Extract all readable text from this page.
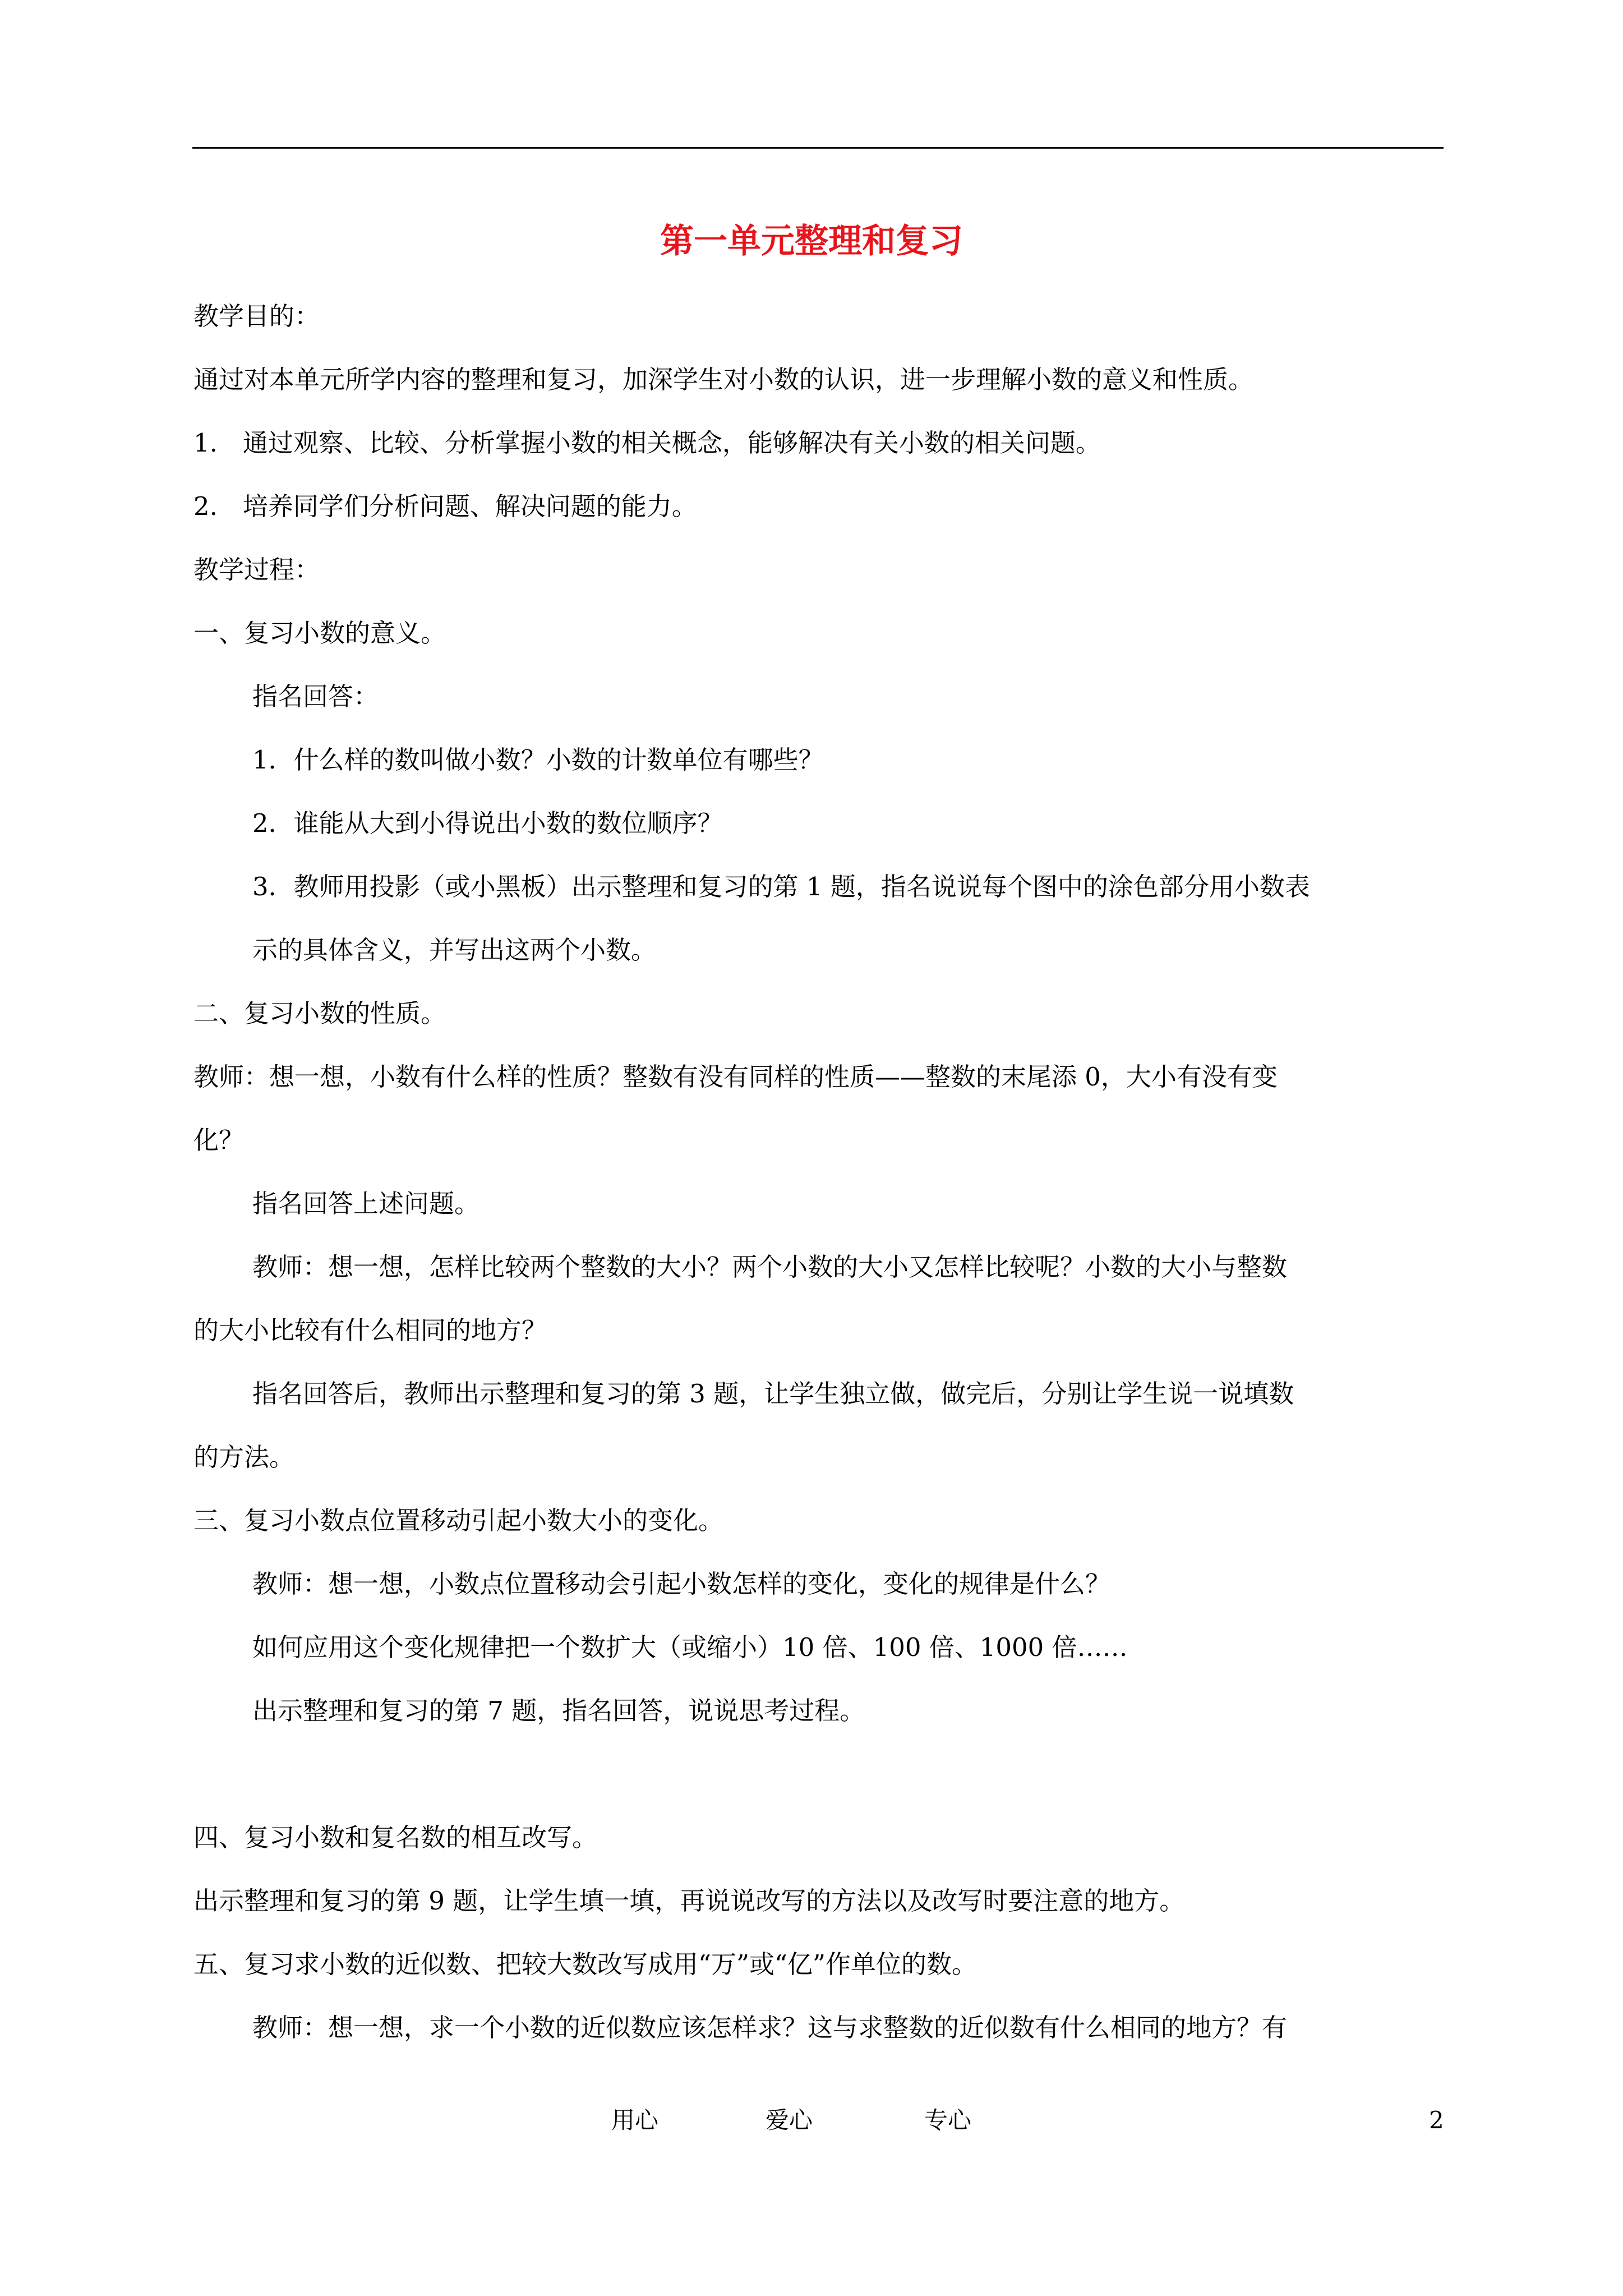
第一单元整理和复习
教学目的：
通过对本单元所学内容的整理和复习，加深学生对小数的认识，进一步理解小数的意义和性质。
1.　通过观察、比较、分析掌握小数的相关概念，能够解决有关小数的相关问题。
2.　培养同学们分析问题、解决问题的能力。
教学过程：
一、复习小数的意义。
指名回答：
1．什么样的数叫做小数？小数的计数单位有哪些？
2．谁能从大到小得说出小数的数位顺序？
3．教师用投影（或小黑板）出示整理和复习的第 1 题，指名说说每个图中的涂色部分用小数表
示的具体含义，并写出这两个小数。
二、复习小数的性质。
教师：想一想，小数有什么样的性质？整数有没有同样的性质——整数的末尾添 0，大小有没有变
化？
指名回答上述问题。
教师：想一想，怎样比较两个整数的大小？两个小数的大小又怎样比较呢？小数的大小与整数
的大小比较有什么相同的地方？
指名回答后，教师出示整理和复习的第 3 题，让学生独立做，做完后，分别让学生说一说填数
的方法。
三、复习小数点位置移动引起小数大小的变化。
教师：想一想，小数点位置移动会引起小数怎样的变化，变化的规律是什么？
如何应用这个变化规律把一个数扩大（或缩小）10 倍、100 倍、1000 倍……
出示整理和复习的第 7 题，指名回答，说说思考过程。
四、复习小数和复名数的相互改写。
出示整理和复习的第 9 题，让学生填一填，再说说改写的方法以及改写时要注意的地方。
五、复习求小数的近似数、把较大数改写成用“万”或“亿”作单位的数。
教师：想一想，求一个小数的近似数应该怎样求？这与求整数的近似数有什么相同的地方？有
用心	爱心	专心	2
